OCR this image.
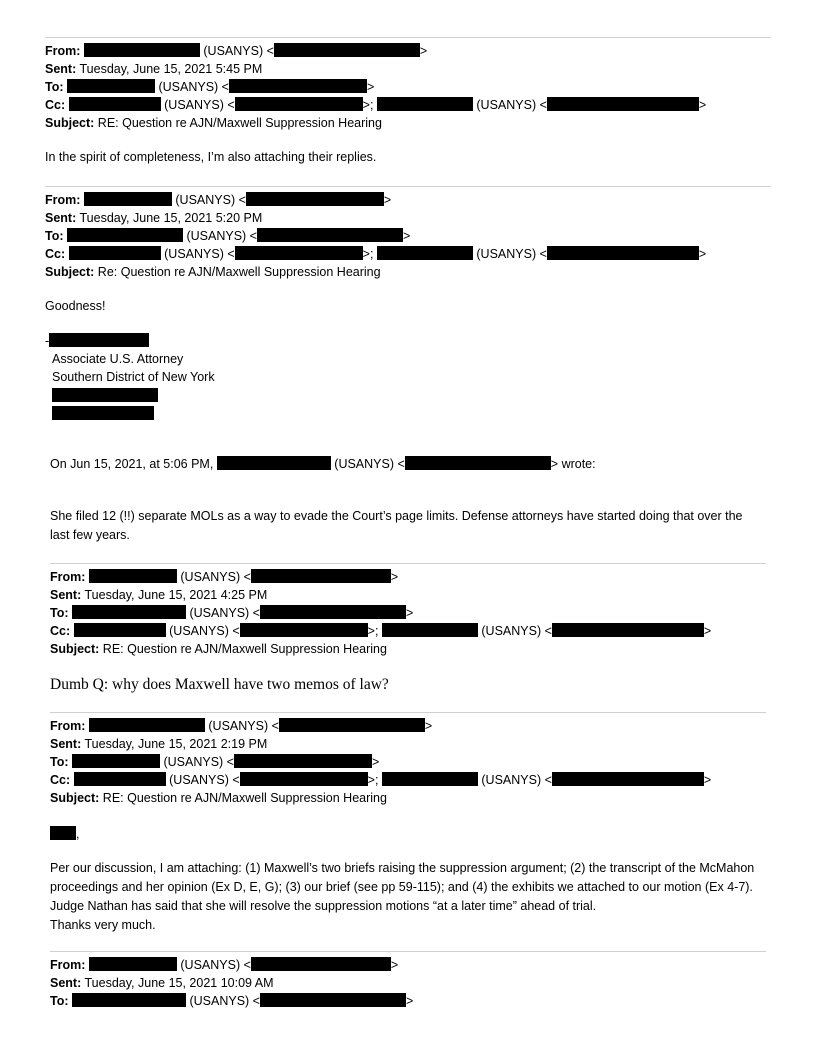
From:	(USANYS) <	>
Sent: Tuesday, June 15, 2021 5:45 PM
To:	(USANYS) <	>
Cc:	(USANYS) <	>;	(USANYS) <	>
Subject: RE: Question re AJN/Maxwell Suppression Hearing
In the spirit of completeness, I’m also attaching their replies.
From:	(USANYS) <	>
Sent: Tuesday, June 15, 2021 5:20 PM
To:	(USANYS) <	>
Cc:	(USANYS) <	>;	(USANYS) <	>
Subject: Re: Question re AJN/Maxwell Suppression Hearing
Goodness!
-
Associate U.S. Attorney
Southern District of New York
On Jun 15, 2021, at 5:06 PM,	(USANYS) <	> wrote:
She filed 12 (!!) separate MOLs as a way to evade the Court’s page limits. Defense attorneys have started doing that over the last few years.
From:	(USANYS) <	>
Sent: Tuesday, June 15, 2021 4:25 PM
To:	(USANYS) <	>
Cc:	(USANYS) <	>;	(USANYS) <	>
Subject: RE: Question re AJN/Maxwell Suppression Hearing
Dumb Q: why does Maxwell have two memos of law?
From:	(USANYS) <	>
Sent: Tuesday, June 15, 2021 2:19 PM
To:	(USANYS) <	>
Cc:	(USANYS) <	>;	(USANYS) <	>
Subject: RE: Question re AJN/Maxwell Suppression Hearing
,
Per our discussion, I am attaching: (1) Maxwell’s two briefs raising the suppression argument; (2) the transcript of the McMahon proceedings and her opinion (Ex D, E, G); (3) our brief (see pp 59-115); and (4) the exhibits we attached to our motion (Ex 4-7). Judge Nathan has said that she will resolve the suppression motions “at a later time” ahead of trial.
Thanks very much.
From:	(USANYS) <	>
Sent: Tuesday, June 15, 2021 10:09 AM
To:	(USANYS) <	>
